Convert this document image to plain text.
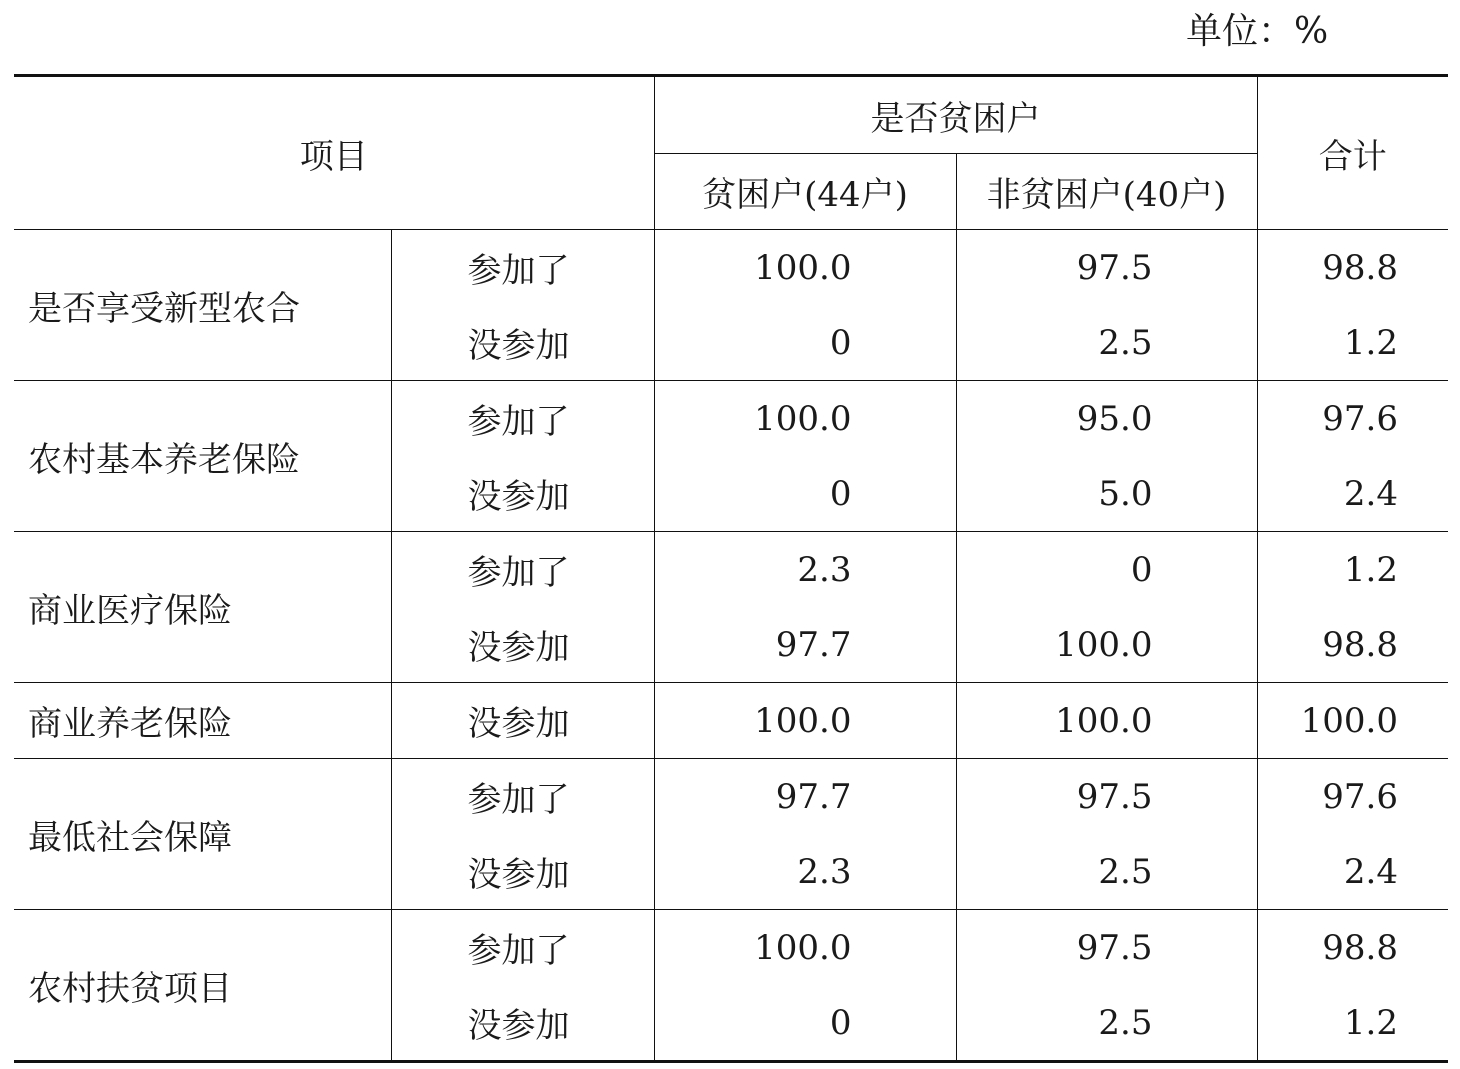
单位：%
项目		是否贫困户		合计
		贫困户(44户)	非贫困户(40户)	
是否享受新型农合	参加了	100.0	97.5	98.8
	没参加	0	2.5	1.2
农村基本养老保险	参加了	100.0	95.0	97.6
	没参加	0	5.0	2.4
商业医疗保险	参加了	2.3	0	1.2
	没参加	97.7	100.0	98.8
商业养老保险	没参加	100.0	100.0	100.0
最低社会保障	参加了	97.7	97.5	97.6
	没参加	2.3	2.5	2.4
农村扶贫项目	参加了	100.0	97.5	98.8
	没参加	0	2.5	1.2
